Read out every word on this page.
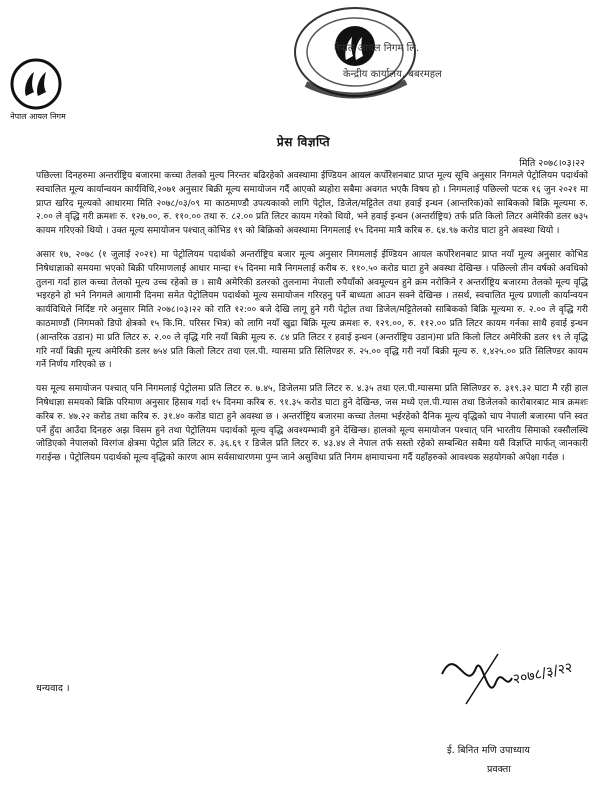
नेपाल आयल निगम
नेपाल आयल निगम लि.
केन्द्रीय कार्यालय, बबरमहल
प्रेस विज्ञप्ति
मिति २०७८।०३।२२

पछिल्ला दिनहरुमा अन्तर्राष्ट्रिय बजारमा कच्चा तेलको मुल्य निरन्तर बढिरहेको अवस्थामा ईण्डियन आयल कर्पोरेशनबाट प्राप्त मूल्य सूचि अनुसार निगमले पेट्रोलियम पदार्थको स्वचालित मूल्य कार्यान्वयन कार्यविधि,२०७१ अनुसार बिक्री मूल्य समायोजन गर्दै आएको ब्यहोरा सबैमा अवगत भएकै विषय हो । निगमलाई पछिल्लो पटक १६ जुन २०२१ मा प्राप्त खरिद मूल्यको आधारमा मिति २०७८/०३/०९ मा काठमाण्डौ उपत्यकाको लागि पेट्रोल, डिजेल/मट्टितेल तथा हवाई इन्धन (आन्तरिक)को साबिकको बिक्रि मूल्यमा रु. २.०० ले वृद्धि गरी क्रमशः रु. १२७.००, रु. ११०.०० तथा रु. ८२.०० प्रति लिटर कायम गरेको थियो, भने हवाई इन्धन (अन्तर्राष्ट्रिय) तर्फ प्रति किलो लिटर अमेरिकी डलर ७३५ कायम गरिएको थियो । उक्त मूल्य समायोजन पश्चात् कोभिड १९ को बिक्रिको अवस्थामा निगमलाई १५ दिनमा मात्रै करिब रु. ६४.९७ करोड घाटा हुने अवस्था थियो ।

असार १७, २०७८ (१ जुलाई २०२१) मा पेट्रोलियम पदार्थको अन्तर्राष्ट्रिय बजार मूल्य अनुसार निगमलाई ईण्डियन आयल कर्पोरेशनबाट प्राप्त नयाँ मूल्य अनुसार कोभिड निषेधाज्ञाको समयमा भएको बिक्री परिमाणलाई आधार मान्दा १५ दिनमा मात्रै निगमलाई करीब रु. ११०.५० करोड घाटा हुने अवस्था देखिन्छ । पछिल्लो तीन वर्षको अवधिको तुलना गर्दा हाल कच्चा तेलको मूल्य उच्च रहेको छ । साथै अमेरिकी डलरको तुलनामा नेपाली रुपैयाँको अवमूल्यन हुने क्रम नरोकिने र अन्तर्राष्ट्रिय बजारमा तेलको मूल्य वृद्धि भइरहने हो भने निगमले आगामी दिनमा समेत पेट्रोलियम पदार्थको मूल्य समायोजन गरिरहनु पर्ने बाध्यता आउन सक्ने देखिन्छ । तसर्थ, स्वचालित मूल्य प्रणाली कार्यान्वयन कार्यविधिले निर्दिष्ट गरे अनुसार मिति २०७८।०३।२२ को राति १२:०० बजे देखि लागू हुने गरी पेट्रोल तथा डिजेल/मट्टितेलको साबिकको बिक्रि मूल्यमा रु. २.०० ले वृद्धि गरी काठमाण्डौं (निगमको डिपो क्षेत्रको १५ कि.मि. परिसर भित्र) को लागि नयाँ खुद्रा बिक्रि मूल्य क्रमशः रु. १२९.००, रु. ११२.०० प्रति लिटर कायम गर्नका साथै हवाई इन्धन (आन्तरिक उडान) मा प्रति लिटर रु. २.०० ले वृद्धि गरि नयाँ बिक्री मूल्य रु. ८४ प्रति लिटर र हवाई इन्धन (अन्तर्राष्ट्रिय उडान)मा प्रति किलो लिटर अमेरिकी डलर १९ ले वृद्धि गरि नयाँ बिक्री मूल्य अमेरिकी डलर ७५४ प्रति किलो लिटर तथा एल.पी. ग्यासमा प्रति सिलिण्डर रु. २५.०० वृद्धि गरी नयाँ बिक्री मूल्य रु. १,४२५.०० प्रति सिलिण्डर कायम गर्ने निर्णय गरिएको छ ।

यस मूल्य समायोजन पश्चात् पनि निगमलाई पेट्रोलमा प्रति लिटर रु. ७.४५, डिजेलमा प्रति लिटर रु. ४.३५ तथा एल.पी.ग्यासमा प्रति सिलिण्डर रु. ३१९.३२ घाटा मै रही हाल निषेधाज्ञा समयको बिक्रि परिमाण अनुसार हिसाब गर्दा १५ दिनमा करिब रु. ९१.३५ करोड घाटा हुने देखिन्छ, जस मध्ये एल.पी.ग्यास तथा डिजेलको कारोबारबाट मात्र क्रमशः करिब रु. ४७.२२ करोड तथा करिब रु. ३१.४० करोड घाटा हुने अवस्था छ । अन्तर्राष्ट्रिय बजारमा कच्चा तेलमा भईरहेको दैनिक मूल्य वृद्धिको चाप नेपाली बजारमा पनि स्वत पर्ने हुँदा आउँदा दिनहरु अझ विसम हुने तथा पेट्रोलियम पदार्थको मूल्य वृद्धि अवश्यम्भावी हुने देखिन्छ। हालको मूल्य समायोजन पश्चात् पनि भारतीय सिमाको रक्सौलस्थि जोडिएको नेपालको विरगंज क्षेत्रमा पेट्रोल प्रति लिटर रु. ३६.६९ र डिजेल प्रति लिटर रु. ४३.४४ ले नेपाल तर्फ सस्तो रहेको सम्बन्धित सबैमा यसै विज्ञप्ति मार्फत् जानकारी गराईन्छ । पेट्रोलियम पदार्थको मूल्य वृद्धिको कारण आम सर्वसाधारणमा पुग्न जाने असुविधा प्रति निगम क्षमायाचना गर्दै यहाँहरुको आवश्यक सहयोगको अपेक्षा गर्दछ ।

धन्यवाद ।
२०७८/३/२२
ई. बिनित मणि उपाध्याय
प्रवक्ता
